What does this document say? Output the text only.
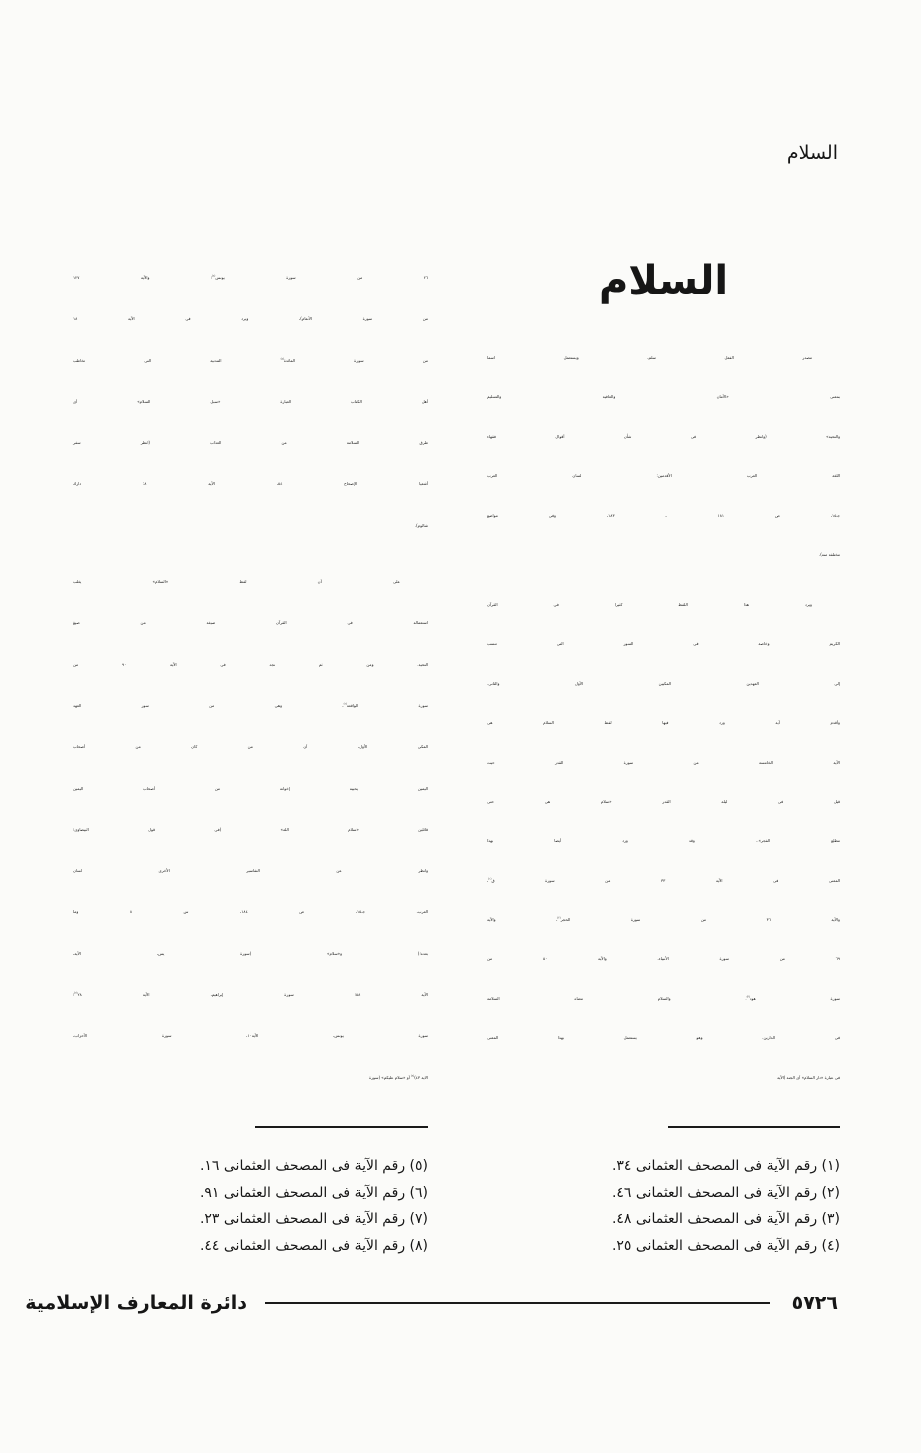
السلام
السلام
مصدر الفعل سلم، ويستعمل اسما
بمعنى «الأمان والعافية والتسليم
والتحية» (وانظر فى شأن أقوال فقهاء
اللغة العرب الأقدمين: لسان العرب
جـ١٥، ص ١٨١ ـ ١٨٣، وفى مواضع
مختلفة منه).
ويرد هذا اللفظ كثيرا فى القرآن
الكريم وخاصة فى السور التى تنسب
إلى العهدين المكيين الأول والثانى.
وأقدم آية ورد فيها لفظ السلام هى
الآية الخامسة من سورة القدر حيث
قيل فى ليلة القدر «سلام هى حتى
مطلع الفجر».. وقد ورد أيضا بهذا
المعنى فى الآية ٣٣ من سورة ق$^{(١)}$،
والآية ٣٦ من سورة الحجر$^{(٢)}$، والآية
٦٩ من سورة الأنبياء، والآية ٥٠ من
سورة هود$^{(٣)}$. والسلام معناه السلامة
فى الدارين. وهو يستعمل بهذا المعنى
فى عبارة «دار السلام» أى الجنة (الآية
٢٦ من سورة يونس$^{(٤)}$؛ والآية ١٢٧
من سورة الأنعام)، ويرد فى الآية ١٨
من سورة المائدة$^{(٥)}$ المدنية التى تخاطب
أهل الكتاب العبارة «سبل السلام» أى
طرق السلامة من العذاب (انظر سفر
أشعيا الإصحاح ٥٤، الآية ٨: دارك
شالوم).
على أن لفظ «السلام» يغلب
استعماله فى القرآن صيغة من صيغ
التحية. ومن ثم نجد فى الآية ٩٠ من
سورة الواقعة$^{(٦)}$، وهى من سور العهد
المكى الأول، أن من كان من أصحاب
اليمين يحييه إخوانه من أصحاب اليمين
قائلين «سلام الله» (فى قول البيضاوى؛
وانظر عن التفاسير الأخرى لسان
العرب، جـ١٥، ص ١٨٤، س ٨ وما
بعده؛) و«سلام» (سورة يس، الآية،
الآية ٥٨؛ سورة إبراهيم، الآية ٢٨$^{(٧)}$؛
سورة يونس، الآية١٠، سورة الأحزاب،
الاية ٤٣)$^{(٨)}$ أو «سلام عليكم» (سورة
(١) رقم الآية فى المصحف العثمانى ٣٤.
(٢) رقم الآية فى المصحف العثمانى ٤٦.
(٣) رقم الآية فى المصحف العثمانى ٤٨.
(٤) رقم الآية فى المصحف العثمانى ٢٥.
(٥) رقم الآية فى المصحف العثمانى ١٦.
(٦) رقم الآية فى المصحف العثمانى ٩١.
(٧) رقم الآية فى المصحف العثمانى ٢٣.
(٨) رقم الآية فى المصحف العثمانى ٤٤.
٥٧٢٦
دائرة المعارف الإسلامية
